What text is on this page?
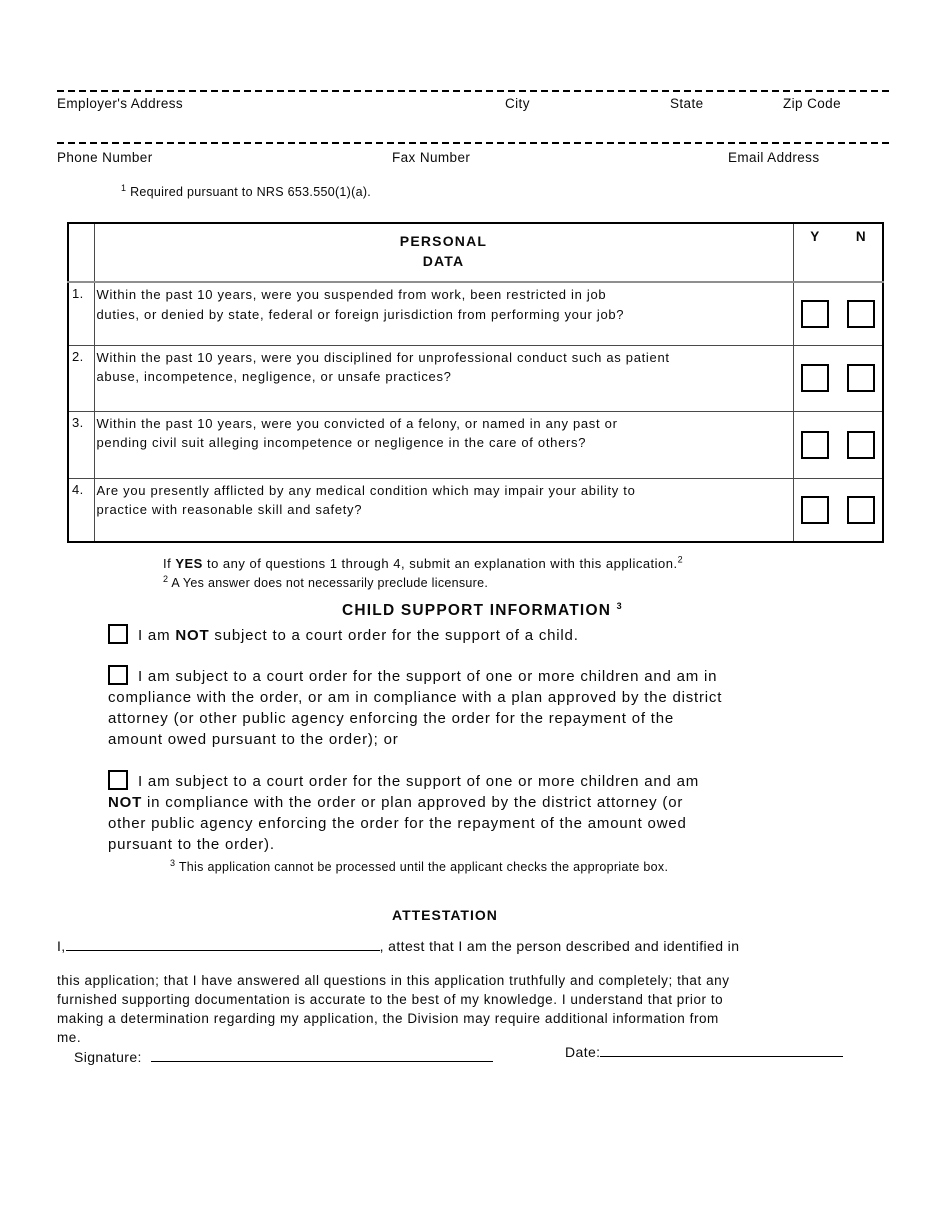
Employer's Address	City	State	Zip Code
Phone Number	Fax Number	Email Address
$^1$ Required pursuant to NRS 653.550(1)(a).

	PERSONAL
DATA	Y N
1.	Within the past 10 years, were you suspended from work, been restricted in job
duties, or denied by state, federal or foreign jurisdiction from performing your job?	

2.	Within the past 10 years, were you disciplined for unprofessional conduct such as patient
abuse, incompetence, negligence, or unsafe practices?	

3.	Within the past 10 years, were you convicted of a felony, or named in any past or
pending civil suit alleging incompetence or negligence in the care of others?	

4.	Are you presently afflicted by any medical condition which may impair your ability to
practice with reasonable skill and safety?	

If YES to any of questions 1 through 4, submit an explanation with this application.$^2$
$^2$ A Yes answer does not necessarily preclude licensure.
CHILD SUPPORT INFORMATION $^3$
I am NOT subject to a court order for the support of a child.
I am subject to a court order for the support of one or more children and am in
compliance with the order, or am in compliance with a plan approved by the district
attorney (or other public agency enforcing the order for the repayment of the
amount owed pursuant to the order); or
I am subject to a court order for the support of one or more children and am
NOT in compliance with the order or plan approved by the district attorney (or
other public agency enforcing the order for the repayment of the amount owed
pursuant to the order).
$^3$ This application cannot be processed until the applicant checks the appropriate box.
ATTESTATION
I,	, attest that I am the person described and identified in
this application; that I have answered all questions in this application truthfully and completely; that any
furnished supporting documentation is accurate to the best of my knowledge. I understand that prior to
making a determination regarding my application, the Division may require additional information from
me.
Signature:	Date:
